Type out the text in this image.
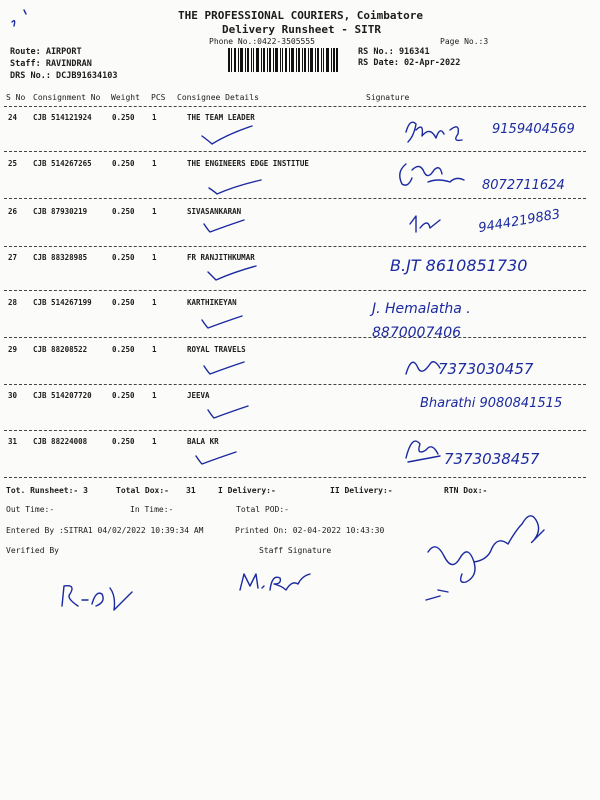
THE PROFESSIONAL COURIERS, Coimbatore
Delivery Runsheet - SITR
Phone No.:0422-3505555	Page No.:3
Route: AIRPORT
Staff: RAVINDRAN
DRS No.: DCJB91634103
RS No.: 916341
RS Date: 02-Apr-2022
S No Consignment No Weight PCS Consignee Details	Signature
24 CJB 514121924	0.250 1	THE TEAM LEADER
9159404569
25 CJB 514267265	0.250 1	THE ENGINEERS EDGE INSTITUE
8072711624
26 CJB 87930219	0.250 1	SIVASANKARAN	9444219883
27 CJB 88328985	0.250 1	FR RANJITHKUMAR	B.JT 8610851730
28 CJB 514267199	0.250 1	KARTHIKEYAN	J. Hemalatha . 8870007406
29 CJB 88208522	0.250 1	ROYAL TRAVELS
7373030457
30 CJB 514207720	0.250 1	JEEVA
Bharathi 9080841515
31 CJB 88224008	0.250 1	BALA KR
7373038457
Tot. Runsheet:- 3	Total Dox:- 31	I Delivery:-	II Delivery:-	RTN Dox:-
Out Time:-	In Time:-	Total POD:-
Entered By :SITRA1 04/02/2022 10:39:34 AM	Printed On: 02-04-2022 10:43:30
Verified By	Staff Signature
